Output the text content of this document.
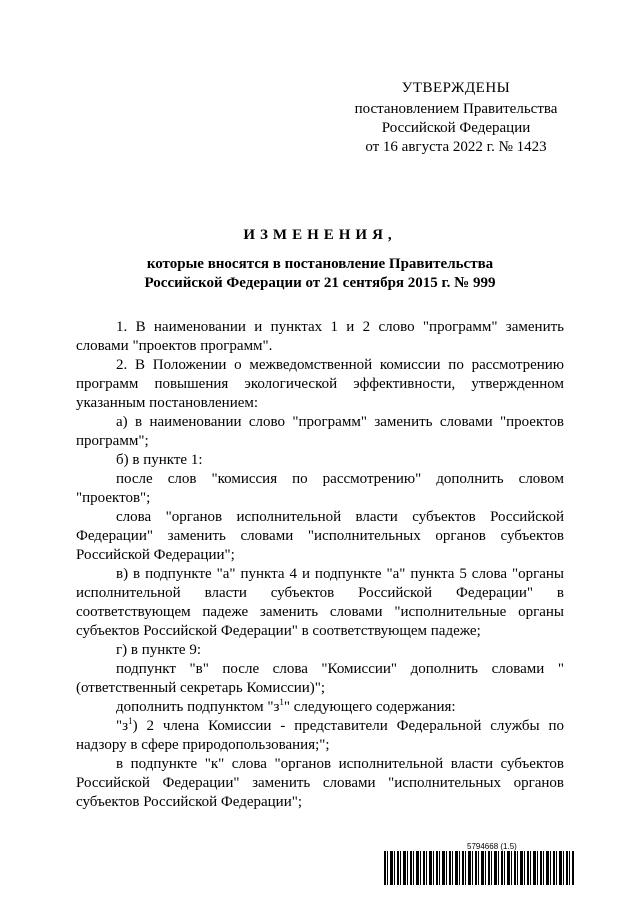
УТВЕРЖДЕНЫ
постановлением Правительства
Российской Федерации
от 16 августа 2022 г. № 1423
ИЗМЕНЕНИЯ,
которые вносятся в постановление Правительства
Российской Федерации от 21 сентября 2015 г. № 999

1. В наименовании и пунктах 1 и 2 слово "программ" заменить словами "проектов программ".

2. В Положении о межведомственной комиссии по рассмотрению программ повышения экологической эффективности, утвержденном указанным постановлением:

а) в наименовании слово "программ" заменить словами "проектов программ";

б) в пункте 1:

после слов "комиссия по рассмотрению" дополнить словом "проектов";

слова "органов исполнительной власти субъектов Российской Федерации" заменить словами "исполнительных органов субъектов Российской Федерации";

в) в подпункте "а" пункта 4 и подпункте "а" пункта 5 слова "органы исполнительной власти субъектов Российской Федерации" в соответствующем падеже заменить словами "исполнительные органы субъектов Российской Федерации" в соответствующем падеже;

г) в пункте 9:

подпункт "в" после слова "Комиссии" дополнить словами "(ответственный секретарь Комиссии)";

дополнить подпунктом "$з^1$" следующего содержания:

"$з^1$) 2 члена Комиссии - представители Федеральной службы по надзору в сфере природопользования;";

в подпункте "к" слова "органов исполнительной власти субъектов Российской Федерации" заменить словами "исполнительных органов субъектов Российской Федерации";

5794668 (1.5)
